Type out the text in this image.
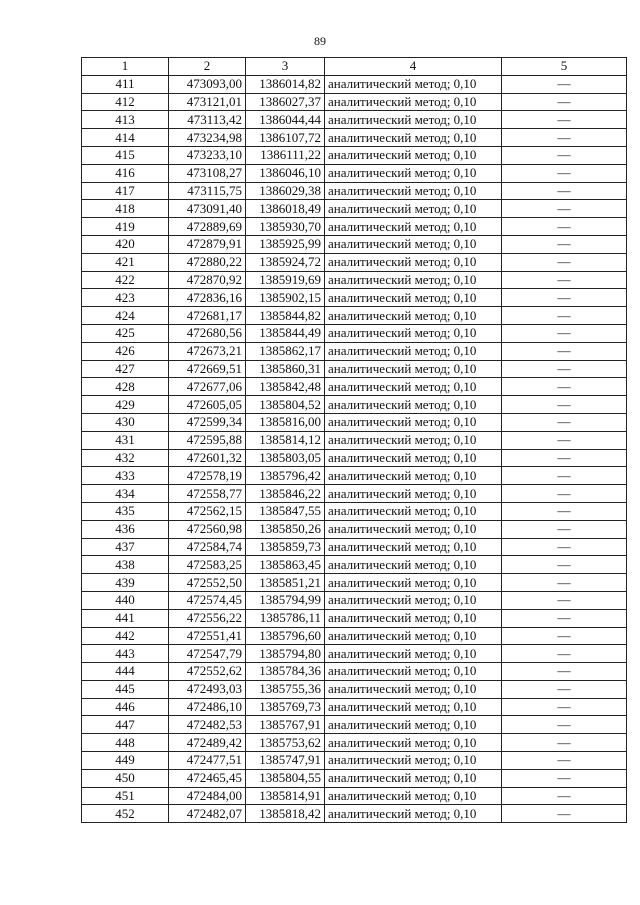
89
1	2	3	4	5
411	473093,00	1386014,82	аналитический метод; 0,10	—
412	473121,01	1386027,37	аналитический метод; 0,10	—
413	473113,42	1386044,44	аналитический метод; 0,10	—
414	473234,98	1386107,72	аналитический метод; 0,10	—
415	473233,10	1386111,22	аналитический метод; 0,10	—
416	473108,27	1386046,10	аналитический метод; 0,10	—
417	473115,75	1386029,38	аналитический метод; 0,10	—
418	473091,40	1386018,49	аналитический метод; 0,10	—
419	472889,69	1385930,70	аналитический метод; 0,10	—
420	472879,91	1385925,99	аналитический метод; 0,10	—
421	472880,22	1385924,72	аналитический метод; 0,10	—
422	472870,92	1385919,69	аналитический метод; 0,10	—
423	472836,16	1385902,15	аналитический метод; 0,10	—
424	472681,17	1385844,82	аналитический метод; 0,10	—
425	472680,56	1385844,49	аналитический метод; 0,10	—
426	472673,21	1385862,17	аналитический метод; 0,10	—
427	472669,51	1385860,31	аналитический метод; 0,10	—
428	472677,06	1385842,48	аналитический метод; 0,10	—
429	472605,05	1385804,52	аналитический метод; 0,10	—
430	472599,34	1385816,00	аналитический метод; 0,10	—
431	472595,88	1385814,12	аналитический метод; 0,10	—
432	472601,32	1385803,05	аналитический метод; 0,10	—
433	472578,19	1385796,42	аналитический метод; 0,10	—
434	472558,77	1385846,22	аналитический метод; 0,10	—
435	472562,15	1385847,55	аналитический метод; 0,10	—
436	472560,98	1385850,26	аналитический метод; 0,10	—
437	472584,74	1385859,73	аналитический метод; 0,10	—
438	472583,25	1385863,45	аналитический метод; 0,10	—
439	472552,50	1385851,21	аналитический метод; 0,10	—
440	472574,45	1385794,99	аналитический метод; 0,10	—
441	472556,22	1385786,11	аналитический метод; 0,10	—
442	472551,41	1385796,60	аналитический метод; 0,10	—
443	472547,79	1385794,80	аналитический метод; 0,10	—
444	472552,62	1385784,36	аналитический метод; 0,10	—
445	472493,03	1385755,36	аналитический метод; 0,10	—
446	472486,10	1385769,73	аналитический метод; 0,10	—
447	472482,53	1385767,91	аналитический метод; 0,10	—
448	472489,42	1385753,62	аналитический метод; 0,10	—
449	472477,51	1385747,91	аналитический метод; 0,10	—
450	472465,45	1385804,55	аналитический метод; 0,10	—
451	472484,00	1385814,91	аналитический метод; 0,10	—
452	472482,07	1385818,42	аналитический метод; 0,10	—
